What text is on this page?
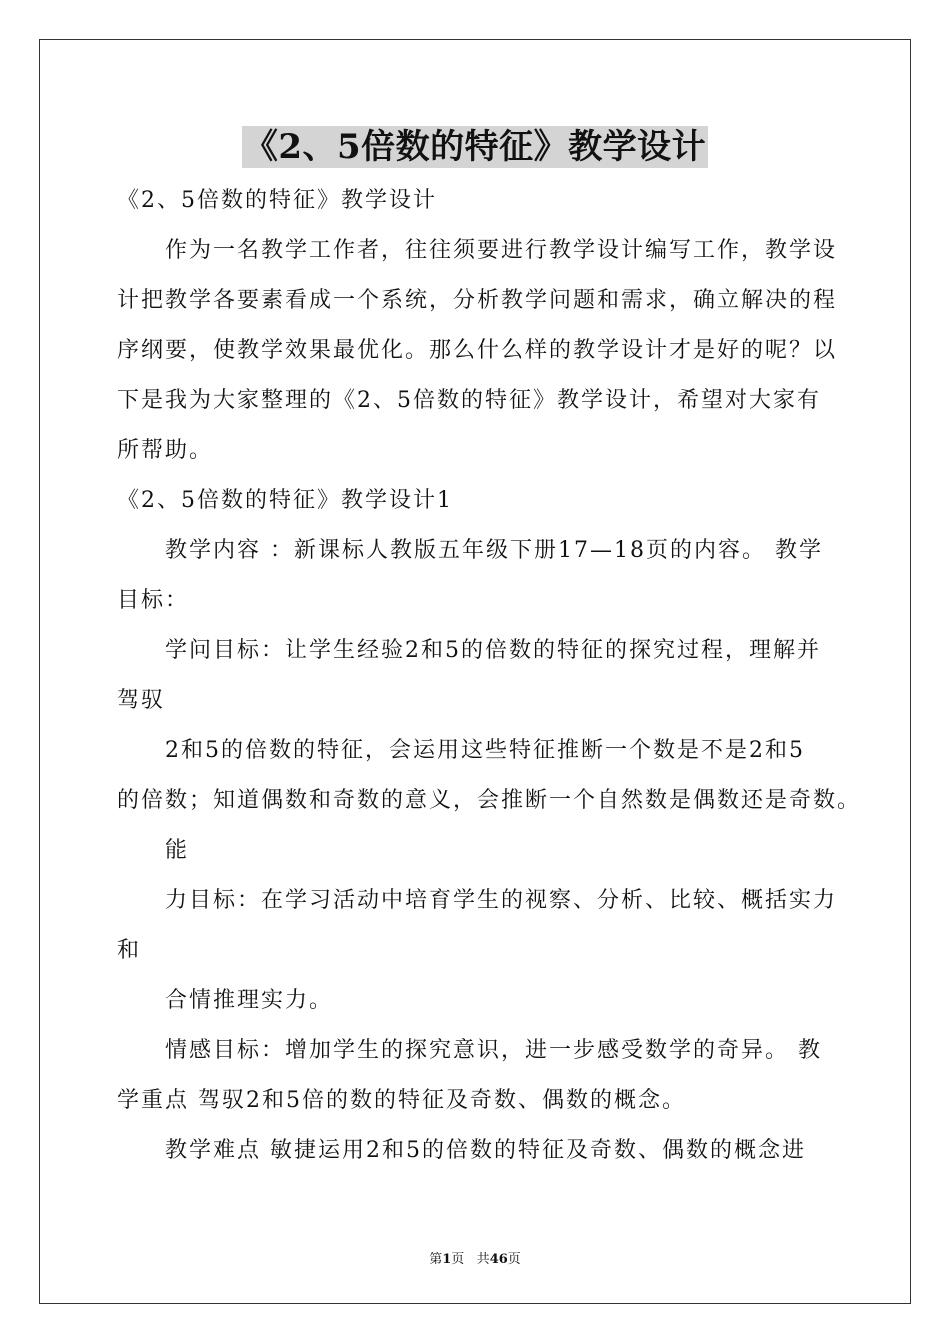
《2、5倍数的特征》教学设计
《2、5倍数的特征》教学设计
作为一名教学工作者，往往须要进行教学设计编写工作，教学设
计把教学各要素看成一个系统，分析教学问题和需求，确立解决的程
序纲要，使教学效果最优化。那么什么样的教学设计才是好的呢？以
下是我为大家整理的《2、5倍数的特征》教学设计，希望对大家有
所帮助。
《2、5倍数的特征》教学设计1
教学内容 ：新课标人教版五年级下册17—18页的内容。 教学
目标：
学问目标：让学生经验2和5的倍数的特征的探究过程，理解并
驾驭
2和5的倍数的特征，会运用这些特征推断一个数是不是2和5
的倍数；知道偶数和奇数的意义，会推断一个自然数是偶数还是奇数。
能
力目标：在学习活动中培育学生的视察、分析、比较、概括实力
和
合情推理实力。
情感目标：增加学生的探究意识，进一步感受数学的奇异。 教
学重点 驾驭2和5倍的数的特征及奇数、偶数的概念。
教学难点 敏捷运用2和5的倍数的特征及奇数、偶数的概念进
第1页 共46页
